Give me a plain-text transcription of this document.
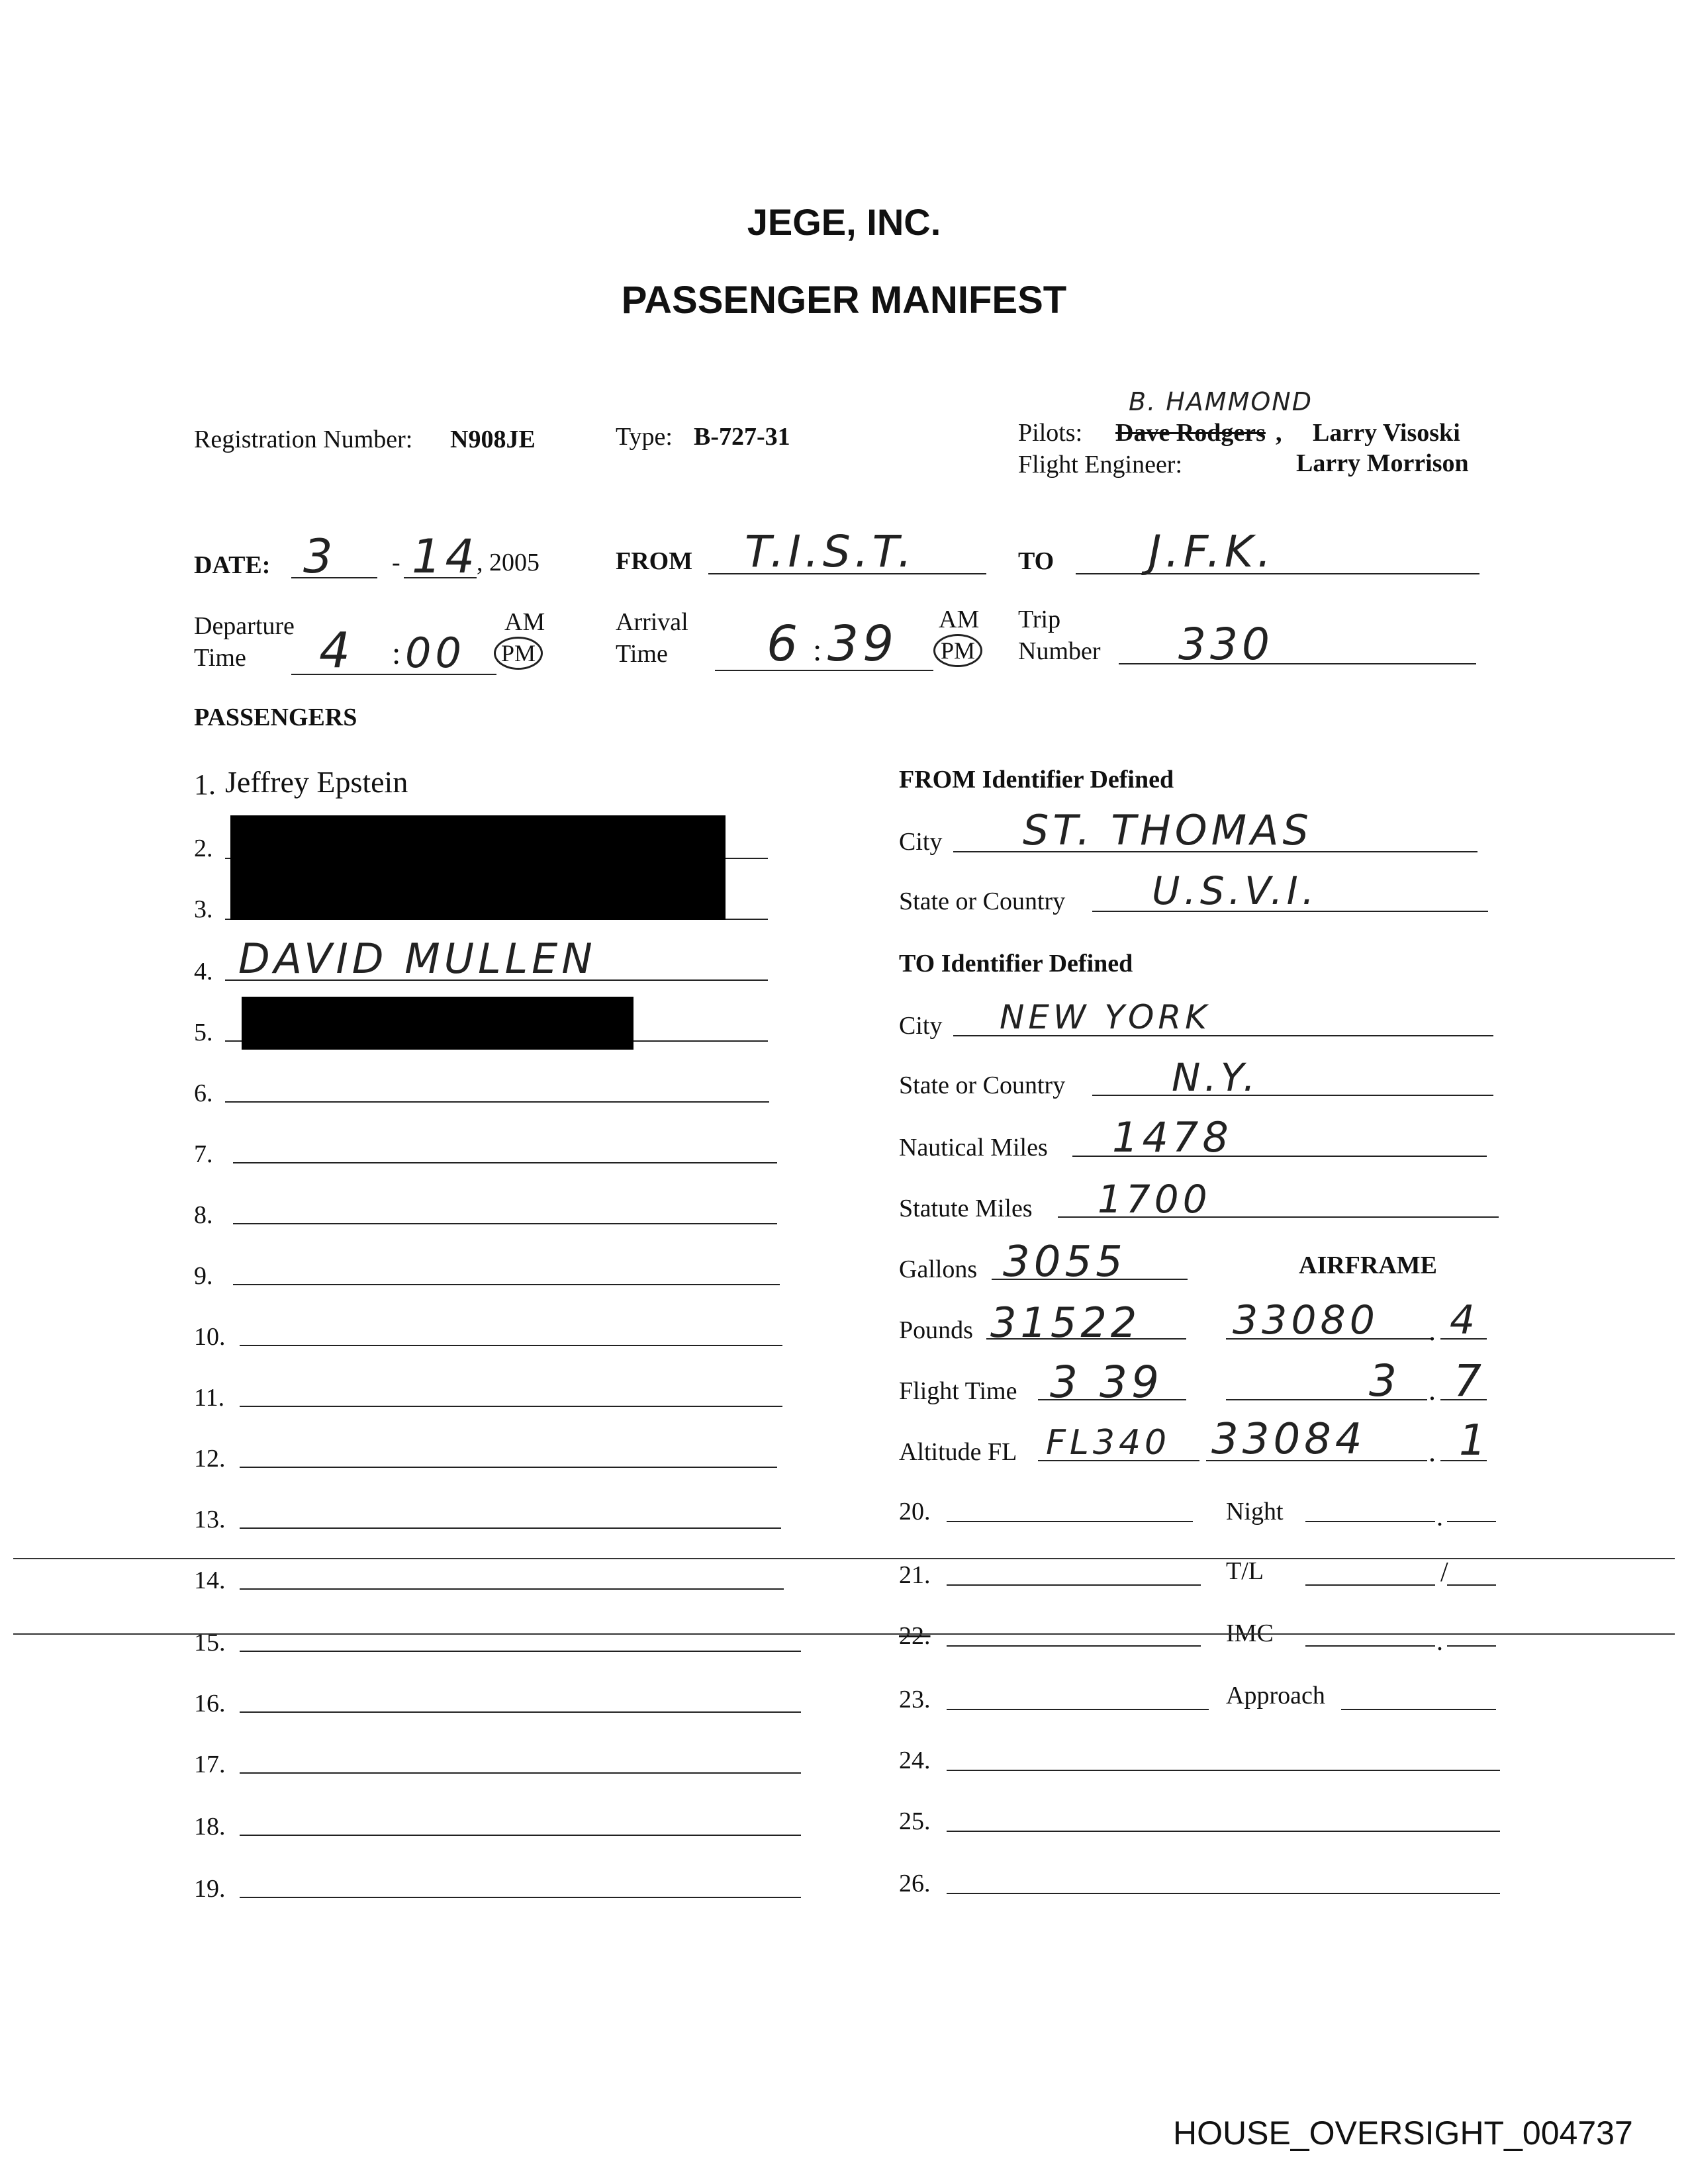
JEGE, INC.
PASSENGER MANIFEST
Registration Number: N908JE	Type: B-727-31
B. HAMMOND
Pilots: Dave Rodgers , Larry Visoski
Flight Engineer:	Larry Morrison
DATE: 3 - 14
, 2005	FROM T.I.S.T.	TO J.F.K.
Departure
Time 4 : 00
AM
PM
Arrival
Time 6 : 39 AM
PM
Trip
Number 330
PASSENGERS
1. Jeffrey Epstein
2.
3.
4. DAVID MULLEN
5.
6.
7.
8.
9.
10.
11.
12.
13.
14.
15.
16.
17.
18.
19.
FROM Identifier Defined
City ST. THOMAS
State or Country U.S.V.I.
TO Identifier Defined
City NEW YORK
State or Country	N.Y.
Nautical Miles 1478
Statute Miles 1700
Gallons 3055	AIRFRAME
Pounds 31522 33080 . 4
Flight Time 3 39	3 . 7
Altitude FL FL340 33084 . 1
20.	Night	.
21.	T/L	/
22.	IMC	.
23.	Approach
24.
25.
26.
HOUSE_OVERSIGHT_004737
